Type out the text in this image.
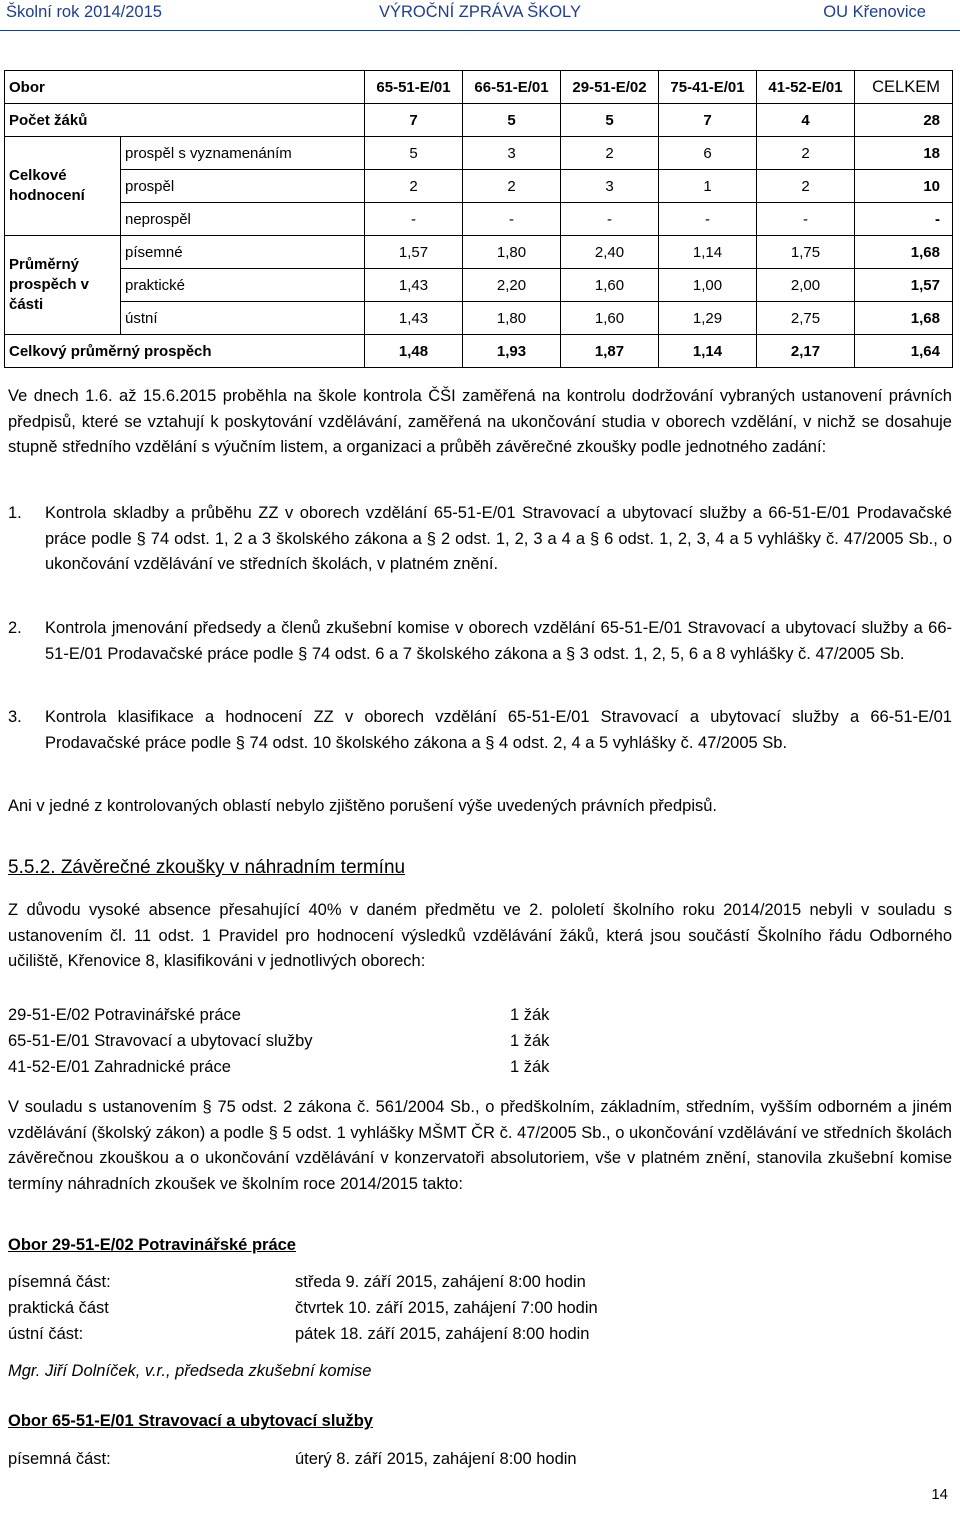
Školní rok 2014/2015	VÝROČNÍ ZPRÁVA ŠKOLY	OU Křenovice
Obor		65-51-E/01	66-51-E/01	29-51-E/02	75-41-E/01	41-52-E/01	CELKEM
Počet žáků		7	5	5	7	4	28
Celkové hodnocení	prospěl s vyznamenáním	5	3	2	6	2	18
	prospěl	2	2	3	1	2	10
	neprospěl	-	-	-	-	-	-
Průměrný prospěch v části	písemné	1,57	1,80	2,40	1,14	1,75	1,68
	praktické	1,43	2,20	1,60	1,00	2,00	1,57
	ústní	1,43	1,80	1,60	1,29	2,75	1,68
Celkový průměrný prospěch		1,48	1,93	1,87	1,14	2,17	1,64
Ve dnech 1.6. až 15.6.2015 proběhla na škole kontrola ČŠI zaměřená na kontrolu dodržování vybraných ustanovení právních předpisů, které se vztahují k poskytování vzdělávání, zaměřená na ukončování studia v oborech vzdělání, v nichž se dosahuje stupně středního vzdělání s výučním listem, a organizaci a průběh závěrečné zkoušky podle jednotného zadání:
1. Kontrola skladby a průběhu ZZ v oborech vzdělání 65-51-E/01 Stravovací a ubytovací služby a 66-51-E/01 Prodavačské práce podle § 74 odst. 1, 2 a 3 školského zákona a § 2 odst. 1, 2, 3 a 4 a § 6 odst. 1, 2, 3, 4 a 5 vyhlášky č. 47/2005 Sb., o ukončování vzdělávání ve středních školách, v platném znění.
2. Kontrola jmenování předsedy a členů zkušební komise v oborech vzdělání 65-51-E/01 Stravovací a ubytovací služby a 66-51-E/01 Prodavačské práce podle § 74 odst. 6 a 7 školského zákona a § 3 odst. 1, 2, 5, 6 a 8 vyhlášky č. 47/2005 Sb.
3. Kontrola klasifikace a hodnocení ZZ v oborech vzdělání 65-51-E/01 Stravovací a ubytovací služby a 66-51-E/01 Prodavačské práce podle § 74 odst. 10 školského zákona a § 4 odst. 2, 4 a 5 vyhlášky č. 47/2005 Sb.
Ani v jedné z kontrolovaných oblastí nebylo zjištěno porušení výše uvedených právních předpisů.
5.5.2. Závěrečné zkoušky v náhradním termínu
Z důvodu vysoké absence přesahující 40% v daném předmětu ve 2. pololetí školního roku 2014/2015 nebyli v souladu s ustanovením čl. 11 odst. 1 Pravidel pro hodnocení výsledků vzdělávání žáků, která jsou součástí Školního řádu Odborného učiliště, Křenovice 8, klasifikováni v jednotlivých oborech:
29-51-E/02 Potravinářské práce	1 žák
65-51-E/01 Stravovací a ubytovací služby	1 žák
41-52-E/01 Zahradnické práce	1 žák
V souladu s ustanovením § 75 odst. 2 zákona č. 561/2004 Sb., o předškolním, základním, středním, vyšším odborném a jiném vzdělávání (školský zákon) a podle § 5 odst. 1 vyhlášky MŠMT ČR č. 47/2005 Sb., o ukončování vzdělávání ve středních školách závěrečnou zkouškou a o ukončování vzdělávání v konzervatoři absolutoriem, vše v platném znění, stanovila zkušební komise termíny náhradních zkoušek ve školním roce 2014/2015 takto:
Obor 29-51-E/02 Potravinářské práce
písemná část:	středa 9. září 2015, zahájení 8:00 hodin
praktická část	čtvrtek 10. září 2015, zahájení 7:00 hodin
ústní část:	pátek 18. září 2015, zahájení 8:00 hodin
Mgr. Jiří Dolníček, v.r., předseda zkušební komise
Obor 65-51-E/01 Stravovací a ubytovací služby
písemná část:	úterý 8. září 2015, zahájení 8:00 hodin
14
